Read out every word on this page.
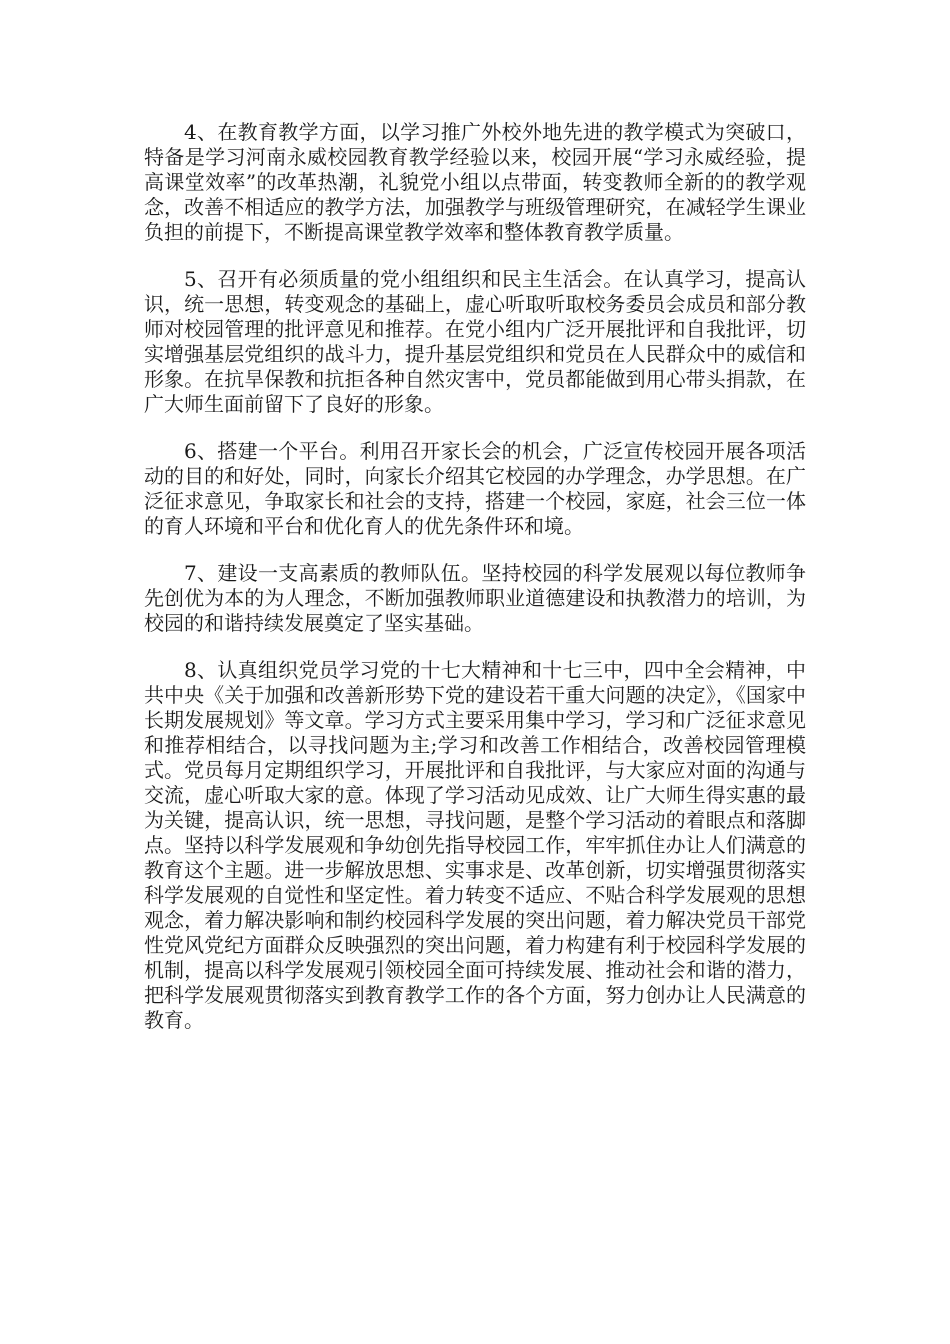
4、在教育教学方面，以学习推广外校外地先进的教学模式为突破口，特备是学习河南永威校园教育教学经验以来，校园开展“学习永威经验，提高课堂效率”的改革热潮，礼貌党小组以点带面，转变教师全新的的教学观念，改善不相适应的教学方法，加强教学与班级管理研究，在减轻学生课业负担的前提下，不断提高课堂教学效率和整体教育教学质量。

5、召开有必须质量的党小组组织和民主生活会。在认真学习，提高认识，统一思想，转变观念的基础上，虚心听取听取校务委员会成员和部分教师对校园管理的批评意见和推荐。在党小组内广泛开展批评和自我批评，切实增强基层党组织的战斗力，提升基层党组织和党员在人民群众中的威信和形象。在抗旱保教和抗拒各种自然灾害中，党员都能做到用心带头捐款，在广大师生面前留下了良好的形象。

6、搭建一个平台。利用召开家长会的机会，广泛宣传校园开展各项活动的目的和好处，同时，向家长介绍其它校园的办学理念，办学思想。在广泛征求意见，争取家长和社会的支持，搭建一个校园，家庭，社会三位一体的育人环境和平台和优化育人的优先条件环和境。

7、建设一支高素质的教师队伍。坚持校园的科学发展观以每位教师争先创优为本的为人理念，不断加强教师职业道德建设和执教潜力的培训，为校园的和谐持续发展奠定了坚实基础。

8、认真组织党员学习党的十七大精神和十七三中，四中全会精神，中共中央《关于加强和改善新形势下党的建设若干重大问题的决定》，《国家中长期发展规划》等文章。学习方式主要采用集中学习，学习和广泛征求意见和推荐相结合，以寻找问题为主;学习和改善工作相结合，改善校园管理模式。党员每月定期组织学习，开展批评和自我批评，与大家应对面的沟通与交流，虚心听取大家的意。体现了学习活动见成效、让广大师生得实惠的最为关键，提高认识，统一思想，寻找问题，是整个学习活动的着眼点和落脚点。坚持以科学发展观和争幼创先指导校园工作，牢牢抓住办让人们满意的教育这个主题。进一步解放思想、实事求是、改革创新，切实增强贯彻落实科学发展观的自觉性和坚定性。着力转变不适应、不贴合科学发展观的思想观念，着力解决影响和制约校园科学发展的突出问题，着力解决党员干部党性党风党纪方面群众反映强烈的突出问题，着力构建有利于校园科学发展的机制，提高以科学发展观引领校园全面可持续发展、推动社会和谐的潜力，把科学发展观贯彻落实到教育教学工作的各个方面，努力创办让人民满意的教育。
